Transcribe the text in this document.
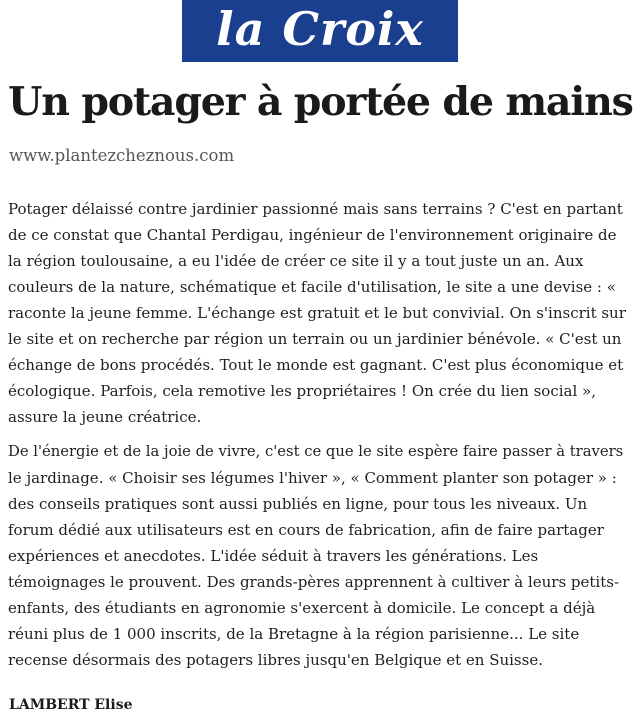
la Croix
Un potager à portée de mains
www.plantezcheznous.com

Potager délaissé contre jardinier passionné mais sans terrains ? C'est en partant
de ce constat que Chantal Perdigau, ingénieur de l'environnement originaire de
la région toulousaine, a eu l'idée de créer ce site il y a tout juste un an. Aux
couleurs de la nature, schématique et facile d'utilisation, le site a une devise : «
raconte la jeune femme. L'échange est gratuit et le but convivial. On s'inscrit sur
le site et on recherche par région un terrain ou un jardinier bénévole. « C'est un
échange de bons procédés. Tout le monde est gagnant. C'est plus économique et
écologique. Parfois, cela remotive les propriétaires ! On crée du lien social »,
assure la jeune créatrice.

De l'énergie et de la joie de vivre, c'est ce que le site espère faire passer à travers
le jardinage. « Choisir ses légumes l'hiver », « Comment planter son potager » :
des conseils pratiques sont aussi publiés en ligne, pour tous les niveaux. Un
forum dédié aux utilisateurs est en cours de fabrication, afin de faire partager
expériences et anecdotes. L'idée séduit à travers les générations. Les
témoignages le prouvent. Des grands-pères apprennent à cultiver à leurs petits-
enfants, des étudiants en agronomie s'exercent à domicile. Le concept a déjà
réuni plus de 1 000 inscrits, de la Bretagne à la région parisienne... Le site
recense désormais des potagers libres jusqu'en Belgique et en Suisse.

LAMBERT Elise
